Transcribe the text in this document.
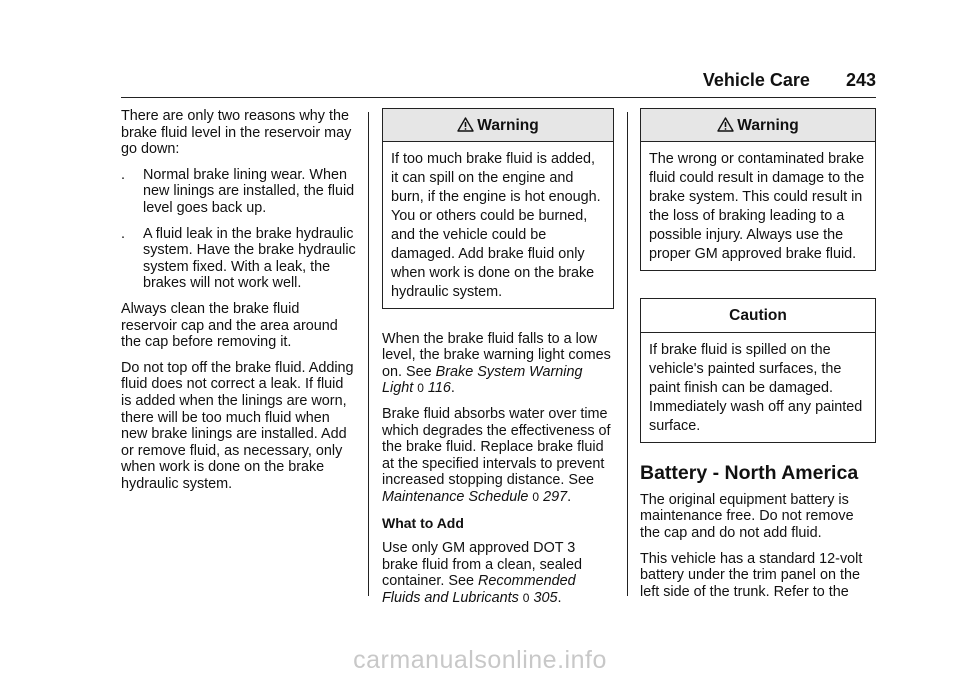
Vehicle Care 243

There are only two reasons why the brake fluid level in the reservoir may go down:

.	Normal brake lining wear. When new linings are installed, the fluid level goes back up.
.	A fluid leak in the brake hydraulic system. Have the brake hydraulic system fixed. With a leak, the brakes will not work well.

Always clean the brake fluid reservoir cap and the area around the cap before removing it.

Do not top off the brake fluid. Adding fluid does not correct a leak. If fluid is added when the linings are worn, there will be too much fluid when new brake linings are installed. Add or remove fluid, as necessary, only when work is done on the brake hydraulic system.

Warning
If too much brake fluid is added, it can spill on the engine and burn, if the engine is hot enough. You or others could be burned, and the vehicle could be damaged. Add brake fluid only when work is done on the brake hydraulic system.

When the brake fluid falls to a low level, the brake warning light comes on. See Brake System Warning Light 0 116.

Brake fluid absorbs water over time which degrades the effectiveness of the brake fluid. Replace brake fluid at the specified intervals to prevent increased stopping distance. See Maintenance Schedule 0 297.

What to Add

Use only GM approved DOT 3 brake fluid from a clean, sealed container. See Recommended Fluids and Lubricants 0 305.

Warning
The wrong or contaminated brake fluid could result in damage to the brake system. This could result in the loss of braking leading to a possible injury. Always use the proper GM approved brake fluid.
Caution
If brake fluid is spilled on the vehicle's painted surfaces, the paint finish can be damaged. Immediately wash off any painted surface.
Battery - North America

The original equipment battery is maintenance free. Do not remove the cap and do not add fluid.

This vehicle has a standard 12-volt battery under the trim panel on the left side of the trunk. Refer to the

carmanualsonline.info
